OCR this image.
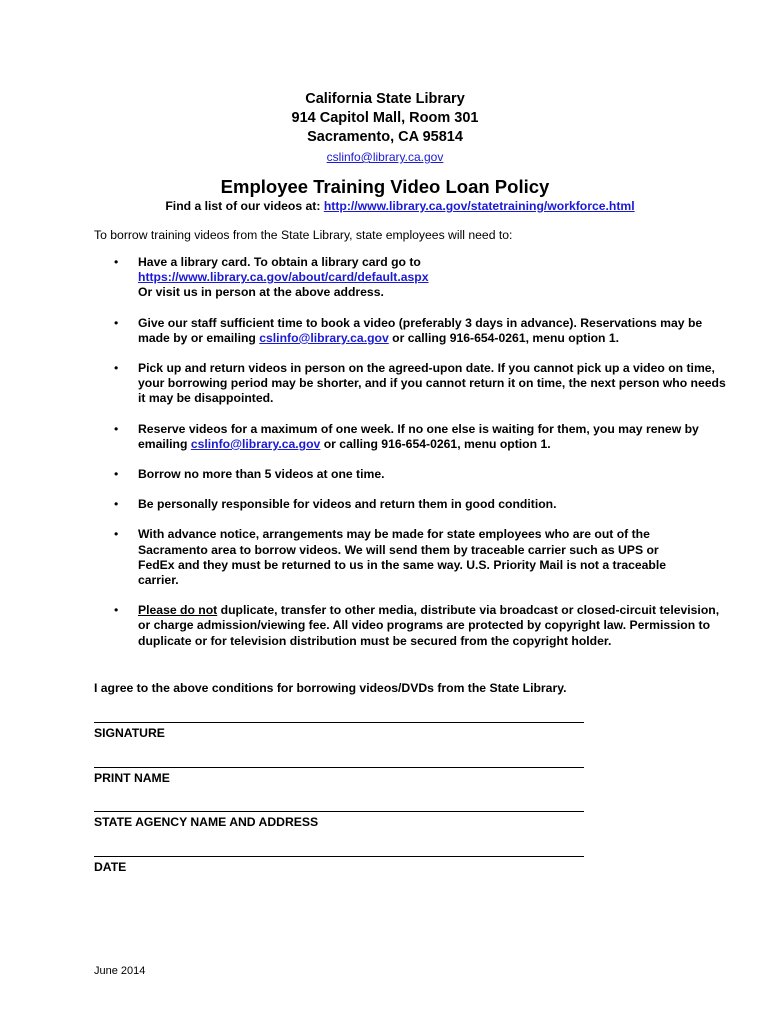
California State Library
914 Capitol Mall, Room 301
Sacramento, CA 95814
cslinfo@library.ca.gov
Employee Training Video Loan Policy
Find a list of our videos at: http://www.library.ca.gov/statetraining/workforce.html
To borrow training videos from the State Library, state employees will need to:
• Have a library card. To obtain a library card go to
https://www.library.ca.gov/about/card/default.aspx
Or visit us in person at the above address.
• Give our staff sufficient time to book a video (preferably 3 days in advance). Reservations may be made by or emailing cslinfo@library.ca.gov or calling 916-654-0261, menu option 1.
• Pick up and return videos in person on the agreed-upon date. If you cannot pick up a video on time, your borrowing period may be shorter, and if you cannot return it on time, the next person who needs it may be disappointed.
• Reserve videos for a maximum of one week. If no one else is waiting for them, you may renew by emailing cslinfo@library.ca.gov or calling 916-654-0261, menu option 1.
• Borrow no more than 5 videos at one time.
• Be personally responsible for videos and return them in good condition.
• With advance notice, arrangements may be made for state employees who are out of the Sacramento area to borrow videos. We will send them by traceable carrier such as UPS or FedEx and they must be returned to us in the same way. U.S. Priority Mail is not a traceable carrier.
• Please do not duplicate, transfer to other media, distribute via broadcast or closed-circuit television, or charge admission/viewing fee. All video programs are protected by copyright law. Permission to duplicate or for television distribution must be secured from the copyright holder.
I agree to the above conditions for borrowing videos/DVDs from the State Library.
SIGNATURE
PRINT NAME
STATE AGENCY NAME AND ADDRESS
DATE
June 2014
